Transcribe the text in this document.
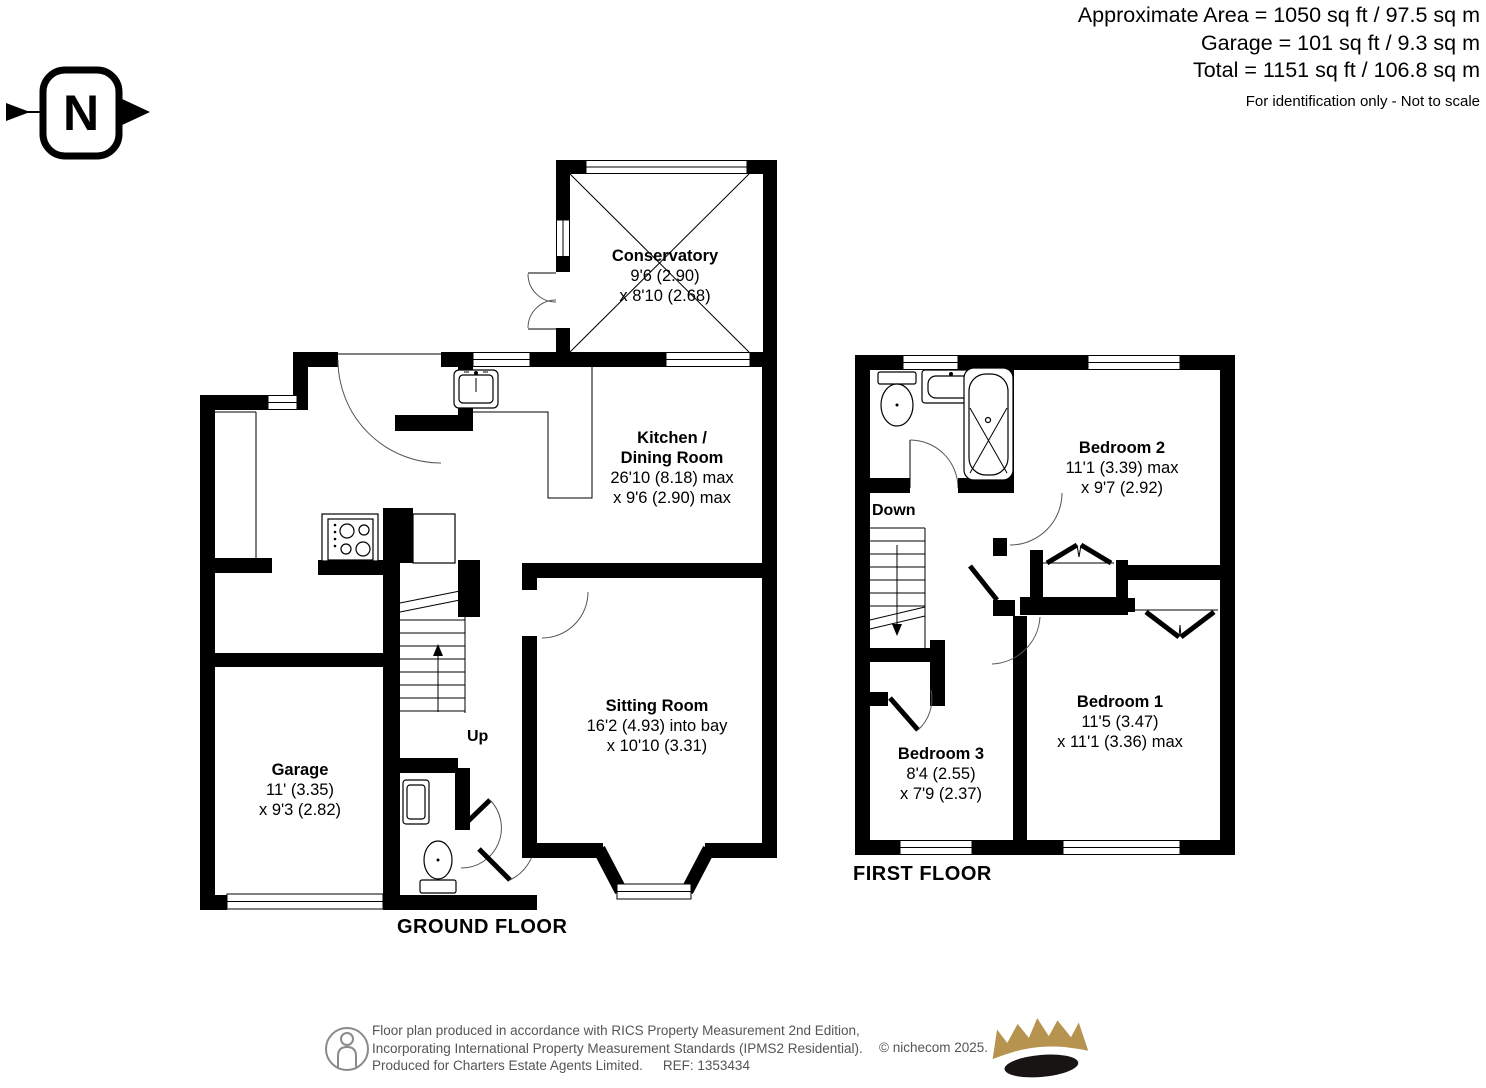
N
Approximate Area = 1050 sq ft / 97.5 sq m
Garage = 101 sq ft / 9.3 sq m
Total = 1151 sq ft / 106.8 sq m
For identification only - Not to scale
Conservatory
9'6 (2.90)
x 8'10 (2.68)
Kitchen /
Dining Room
26'10 (8.18) max
x 9'6 (2.90) max
Sitting Room
16'2 (4.93) into bay
x 10'10 (3.31)
Garage
11' (3.35)
x 9'3 (2.82)
Up
GROUND FLOOR
Bedroom 2
11'1 (3.39) max
x 9'7 (2.92)
Bedroom 1
11'5 (3.47)
x 11'1 (3.36) max
Bedroom 3
8'4 (2.55)
x 7'9 (2.37)
Down
FIRST FLOOR
Floor plan produced in accordance with RICS Property Measurement 2nd Edition,
Incorporating International Property Measurement Standards (IPMS2 Residential).
Produced for Charters Estate Agents Limited. REF: 1353434
© nichecom 2025.
